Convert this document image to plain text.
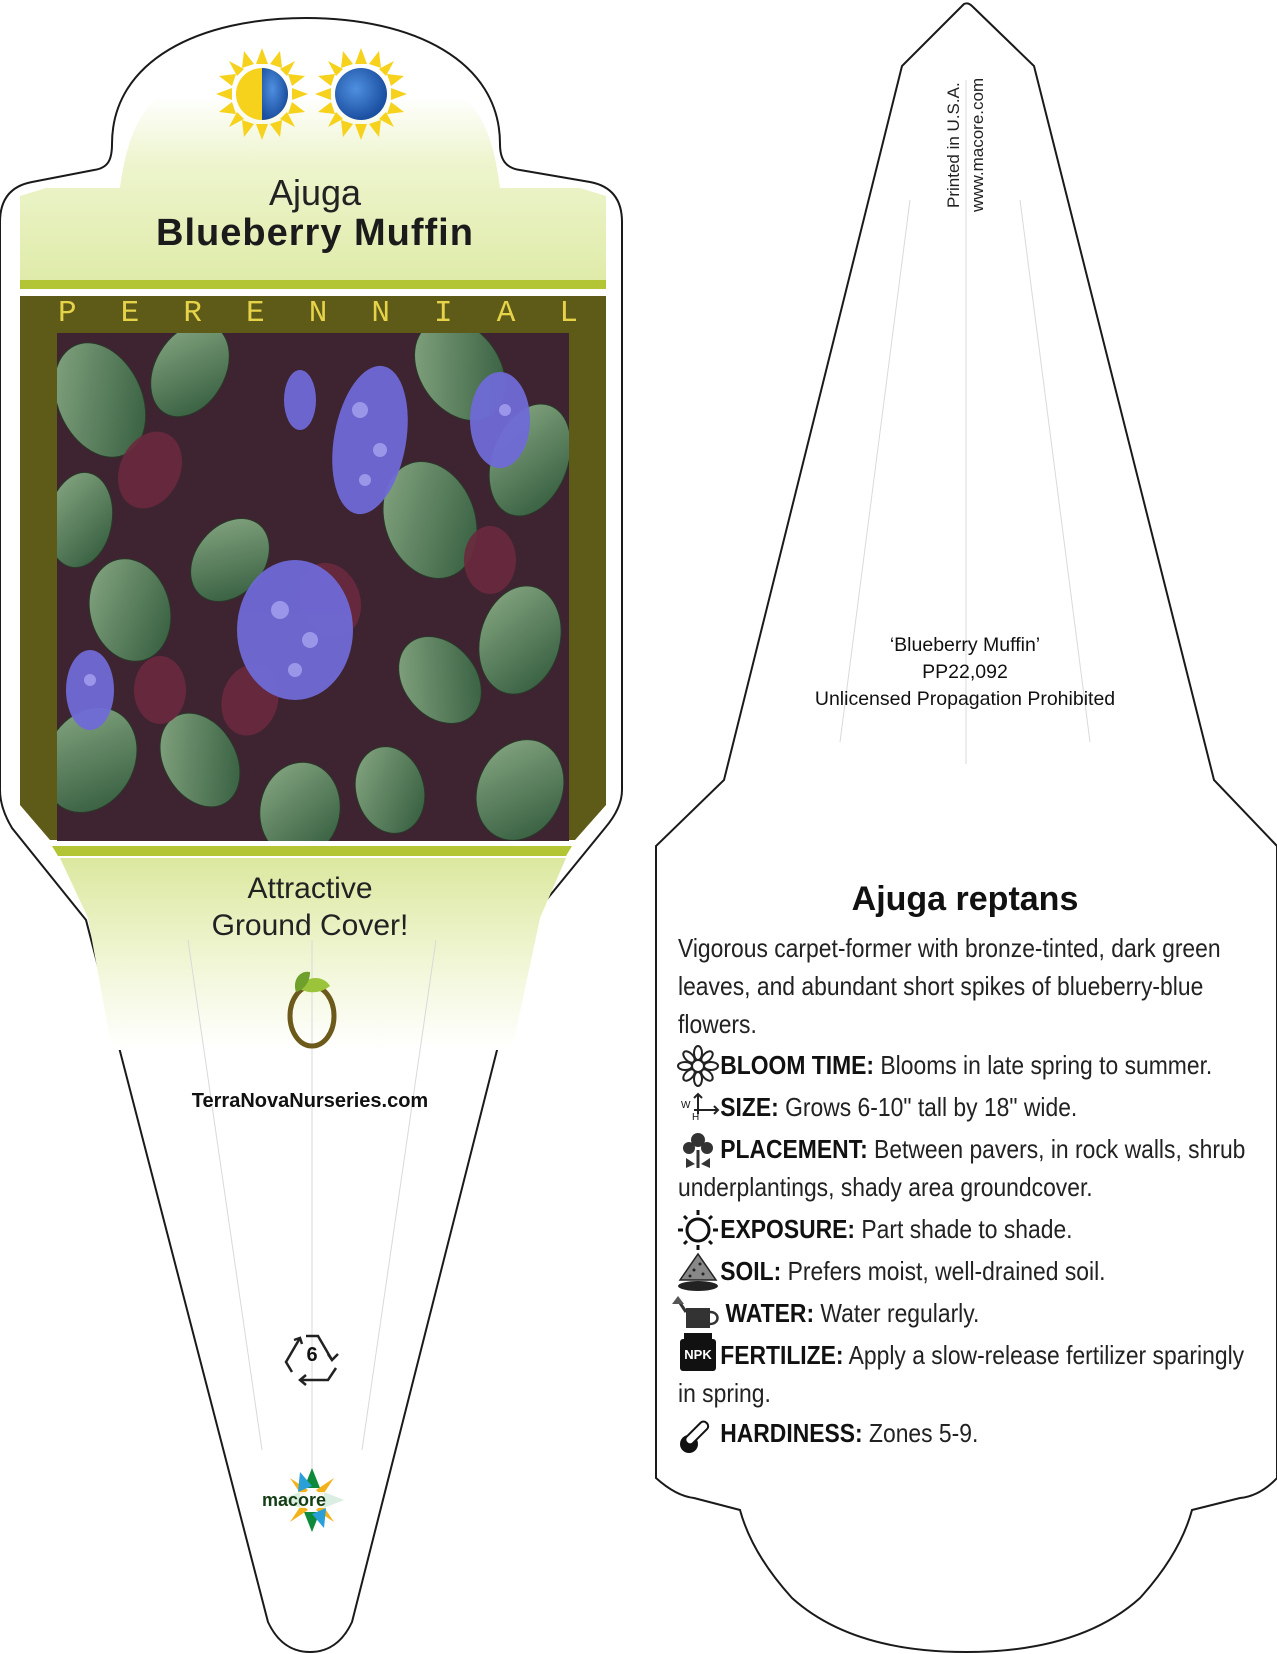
Ajuga
Blueberry Muffin
P E R E N N I A L
Attractive
Ground Cover!
TerraNovaNurseries.com
6
macore
Printed in U.S.A. www.macore.com
‘Blueberry Muffin’
PP22,092
Unlicensed Propagation Prohibited
Ajuga reptans
Vigorous carpet-former with bronze-tinted, dark green leaves, and abundant short spikes of blueberry-blue flowers.
BLOOM TIME: Blooms in late spring to summer.
SIZE: Grows 6-10" tall by 18" wide.
W
H
PLACEMENT: Between pavers, in rock walls, shrub underplantings, shady area groundcover.
EXPOSURE: Part shade to shade.
SOIL: Prefers moist, well-drained soil.
WATER: Water regularly.
FERTILIZE: Apply a slow-release fertilizer sparingly in spring.
NPK
HARDINESS: Zones 5-9.
